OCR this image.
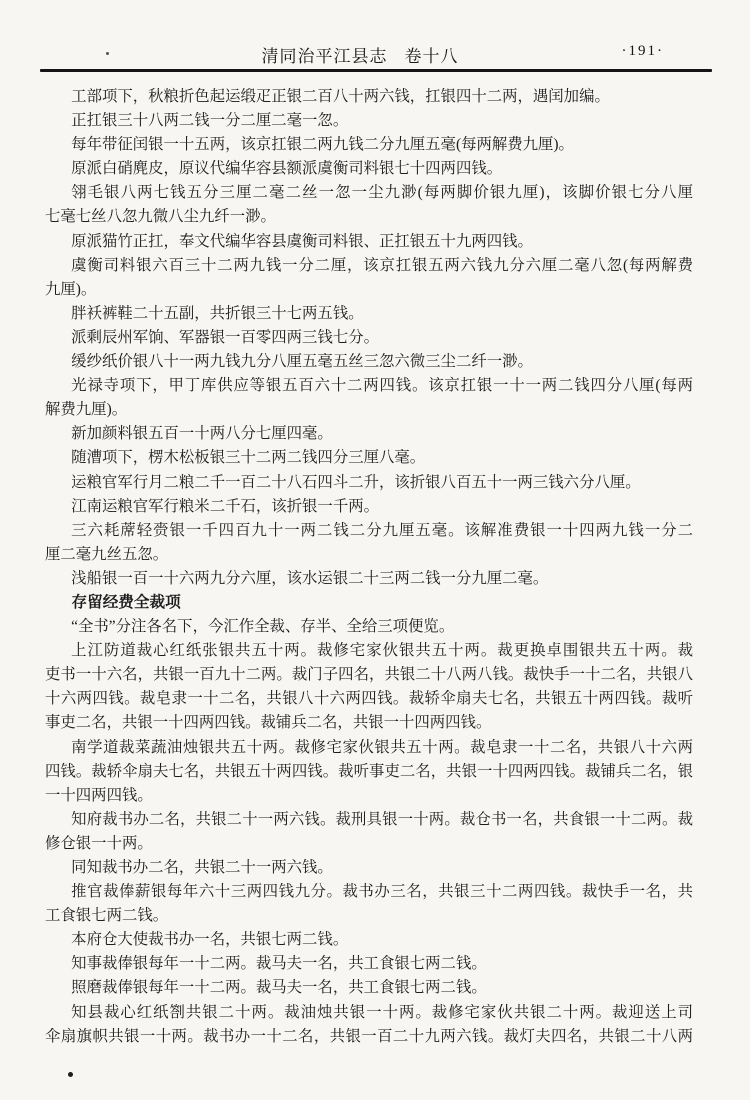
清同治平江县志 卷十八	·191·
工部项下，秋粮折色起运缎疋正银二百八十两六钱，扛银四十二两，遇闰加编。
正扛银三十八两二钱一分二厘二毫一忽。
每年带征闰银一十五两，该京扛银二两九钱二分九厘五毫(每两解费九厘)。
原派白硝麂皮，原议代编华容县额派虞衡司料银七十四两四钱。
翎毛银八两七钱五分三厘二毫二丝一忽一尘九渺(每两脚价银九厘)，该脚价银七分八厘
七毫七丝八忽九微八尘九纤一渺。
原派猫竹正扛，奉文代编华容县虞衡司料银、正扛银五十九两四钱。
虞衡司料银六百三十二两九钱一分二厘，该京扛银五两六钱九分六厘二毫八忽(每两解费
九厘)。
胖袄裤鞋二十五副，共折银三十七两五钱。
派剩辰州军饷、军器银一百零四两三钱七分。
缓纱纸价银八十一两九钱九分八厘五毫五丝三忽六微三尘二纤一渺。
光禄寺项下，甲丁库供应等银五百六十二两四钱。该京扛银一十一两二钱四分八厘(每两
解费九厘)。
新加颜料银五百一十两八分七厘四毫。
随漕项下，楞木松板银三十二两二钱四分三厘八毫。
运粮官军行月二粮二千一百二十八石四斗二升，该折银八百五十一两三钱六分八厘。
江南运粮官军行粮米二千石，该折银一千两。
三六耗蓆轻赍银一千四百九十一两二钱二分九厘五毫。该解准费银一十四两九钱一分二
厘二毫九丝五忽。
浅船银一百一十六两九分六厘，该水运银二十三两二钱一分九厘二毫。
存留经费全裁项
“全书”分注各名下，今汇作全裁、存半、全给三项便览。
上江防道裁心红纸张银共五十两。裁修宅家伙银共五十两。裁更换卓围银共五十两。裁
吏书一十六名，共银一百九十二两。裁门子四名，共银二十八两八钱。裁快手一十二名，共银八
十六两四钱。裁皂隶一十二名，共银八十六两四钱。裁轿伞扇夫七名，共银五十两四钱。裁听
事吏二名，共银一十四两四钱。裁铺兵二名，共银一十四两四钱。
南学道裁菜蔬油烛银共五十两。裁修宅家伙银共五十两。裁皂隶一十二名，共银八十六两
四钱。裁轿伞扇夫七名，共银五十两四钱。裁听事吏二名，共银一十四两四钱。裁铺兵二名，银
一十四两四钱。
知府裁书办二名，共银二十一两六钱。裁刑具银一十两。裁仓书一名，共食银一十二两。裁
修仓银一十两。
同知裁书办二名，共银二十一两六钱。
推官裁俸薪银每年六十三两四钱九分。裁书办三名，共银三十二两四钱。裁快手一名，共
工食银七两二钱。
本府仓大使裁书办一名，共银七两二钱。
知事裁俸银每年一十二两。裁马夫一名，共工食银七两二钱。
照磨裁俸银每年一十二两。裁马夫一名，共工食银七两二钱。
知县裁心红纸劄共银二十两。裁油烛共银一十两。裁修宅家伙共银二十两。裁迎送上司
伞扇旗帜共银一十两。裁书办一十二名，共银一百二十九两六钱。裁灯夫四名，共银二十八两
